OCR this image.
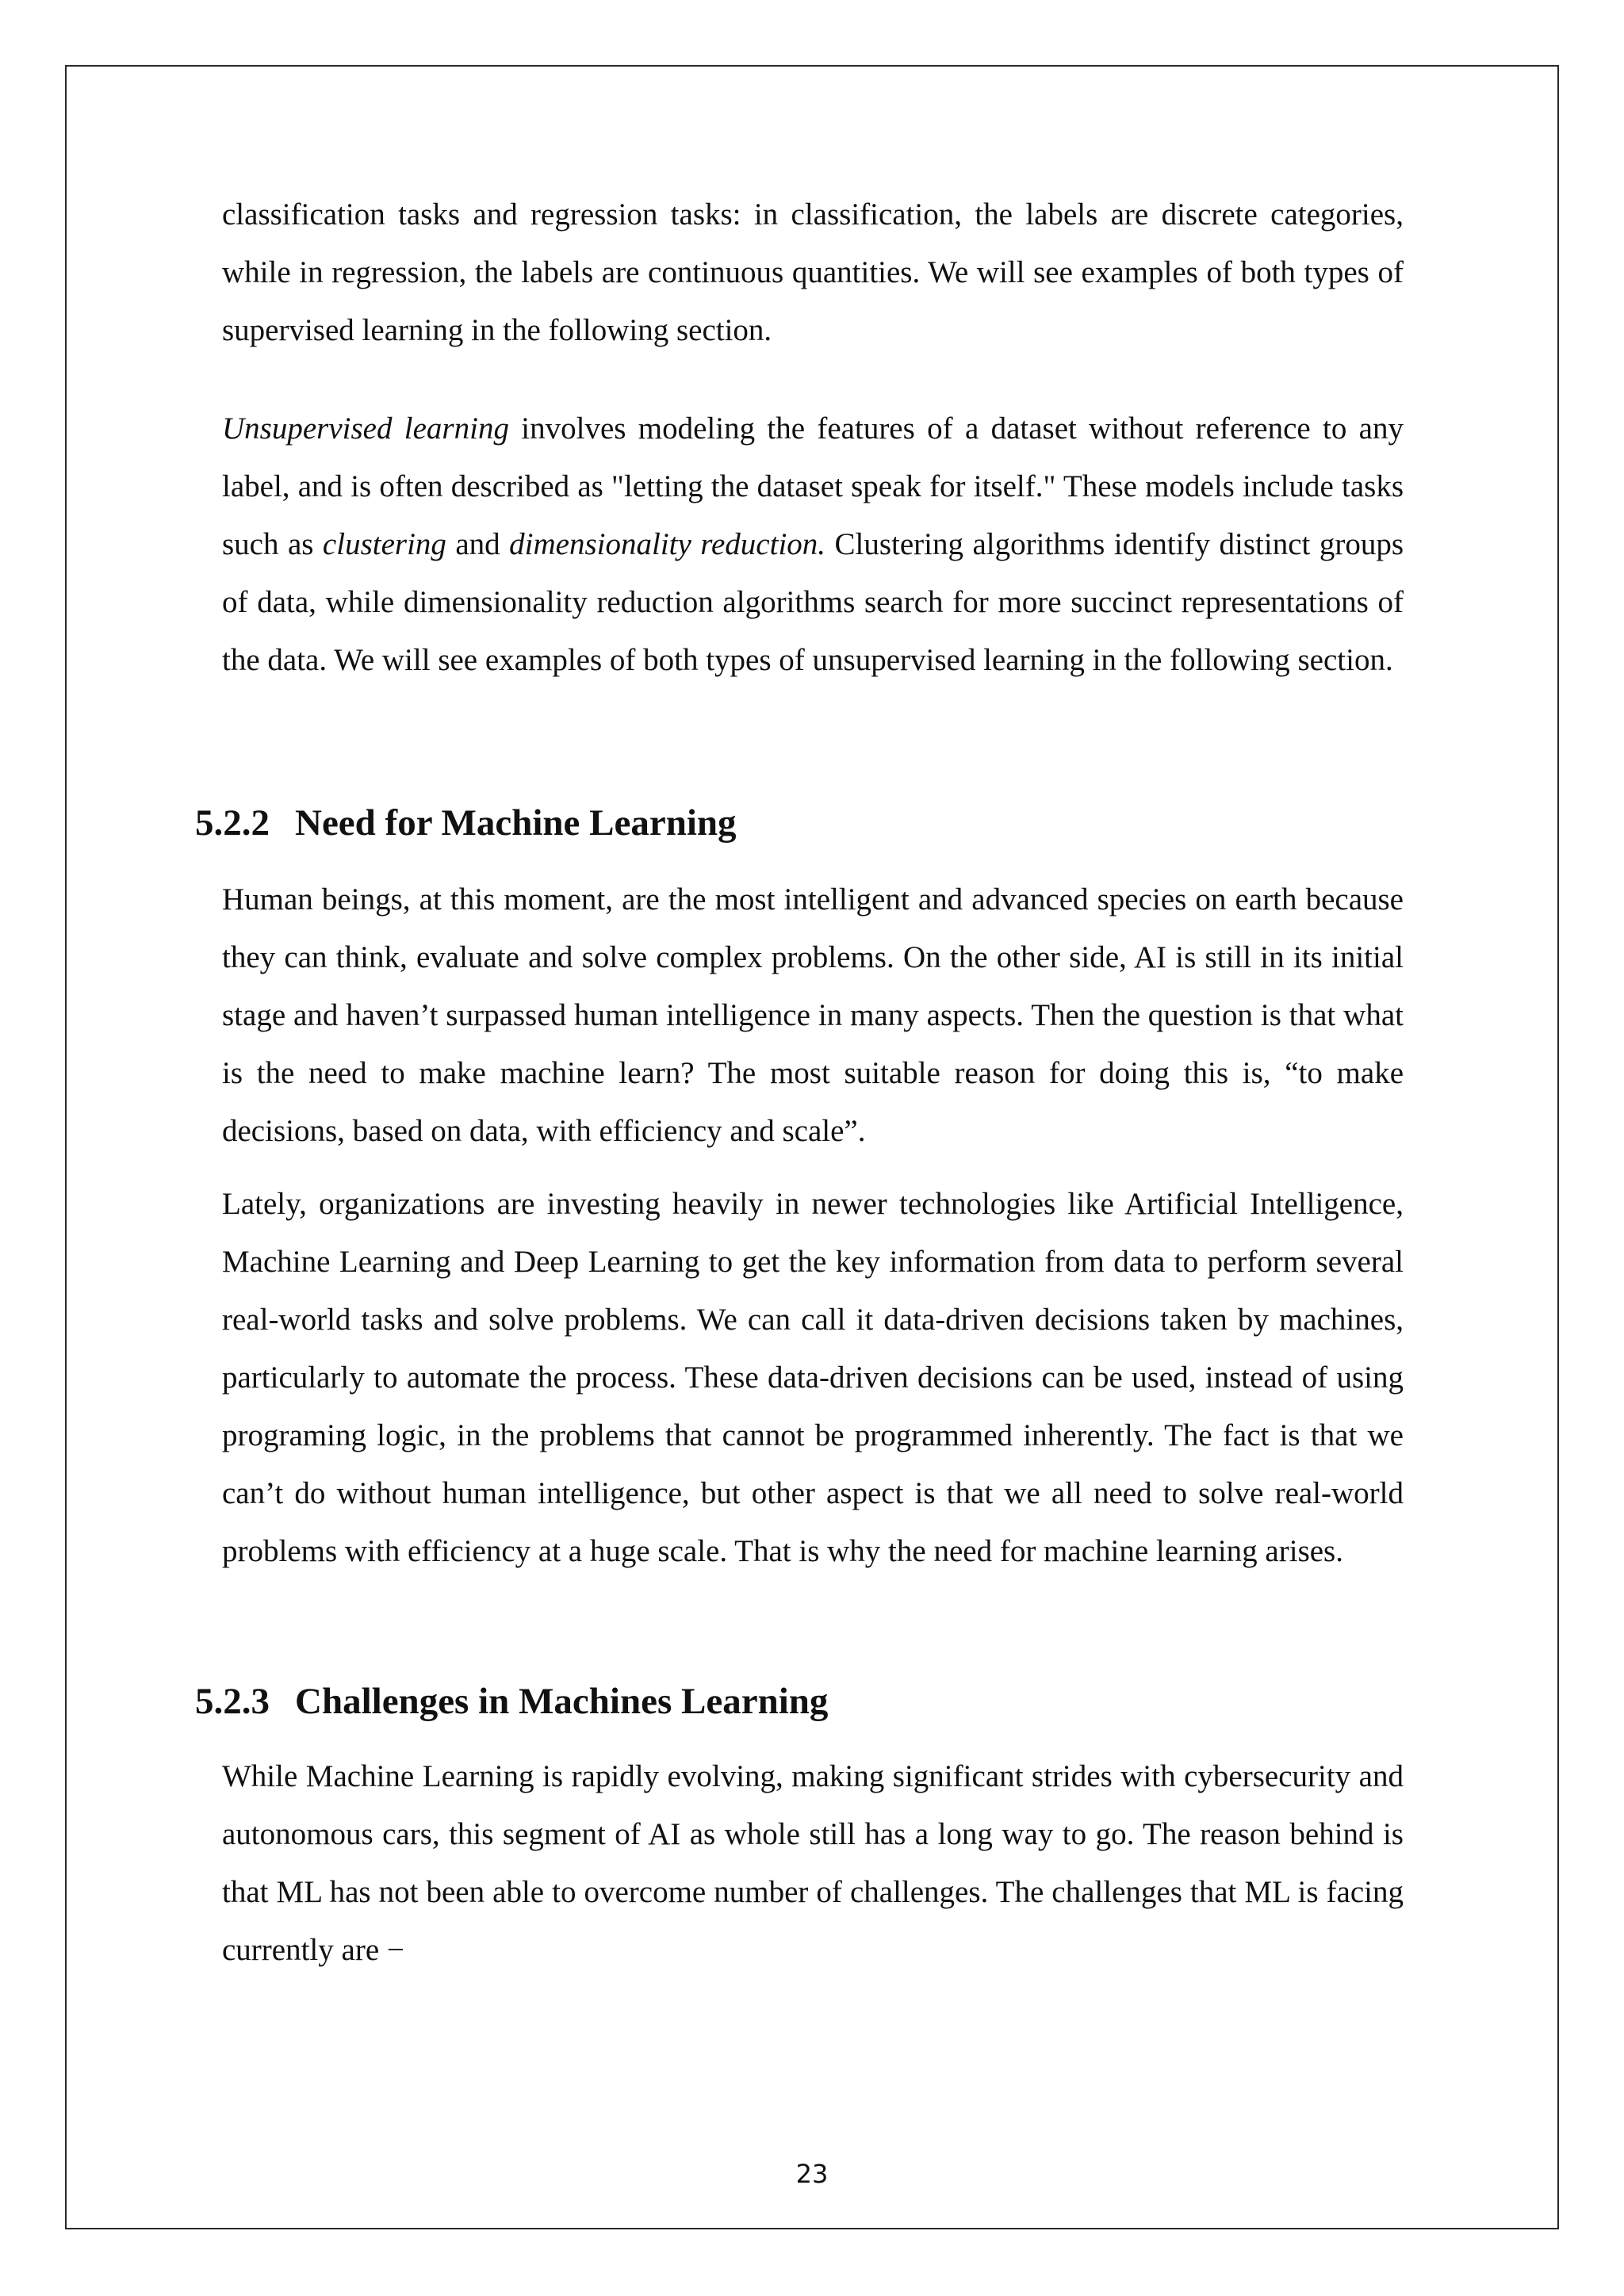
classification tasks and regression tasks: in classification, the labels are discrete categories, while in regression, the labels are continuous quantities. We will see examples of both types of supervised learning in the following section.

Unsupervised learning involves modeling the features of a dataset without reference to any label, and is often described as "letting the dataset speak for itself." These models include tasks such as clustering and dimensionality reduction. Clustering algorithms identify distinct groups of data, while dimensionality reduction algorithms search for more succinct representations of the data. We will see examples of both types of unsupervised learning in the following section.

5.2.2 Need for Machine Learning

Human beings, at this moment, are the most intelligent and advanced species on earth because they can think, evaluate and solve complex problems. On the other side, AI is still in its initial stage and haven’t surpassed human intelligence in many aspects. Then the question is that what is the need to make machine learn? The most suitable reason for doing this is, “to make decisions, based on data, with efficiency and scale”.

Lately, organizations are investing heavily in newer technologies like Artificial Intelligence, Machine Learning and Deep Learning to get the key information from data to perform several real-world tasks and solve problems. We can call it data-driven decisions taken by machines, particularly to automate the process. These data-driven decisions can be used, instead of using programing logic, in the problems that cannot be programmed inherently. The fact is that we can’t do without human intelligence, but other aspect is that we all need to solve real-world problems with efficiency at a huge scale. That is why the need for machine learning arises.

5.2.3 Challenges in Machines Learning

While Machine Learning is rapidly evolving, making significant strides with cybersecurity and autonomous cars, this segment of AI as whole still has a long way to go. The reason behind is that ML has not been able to overcome number of challenges. The challenges that ML is facing currently are −

23
